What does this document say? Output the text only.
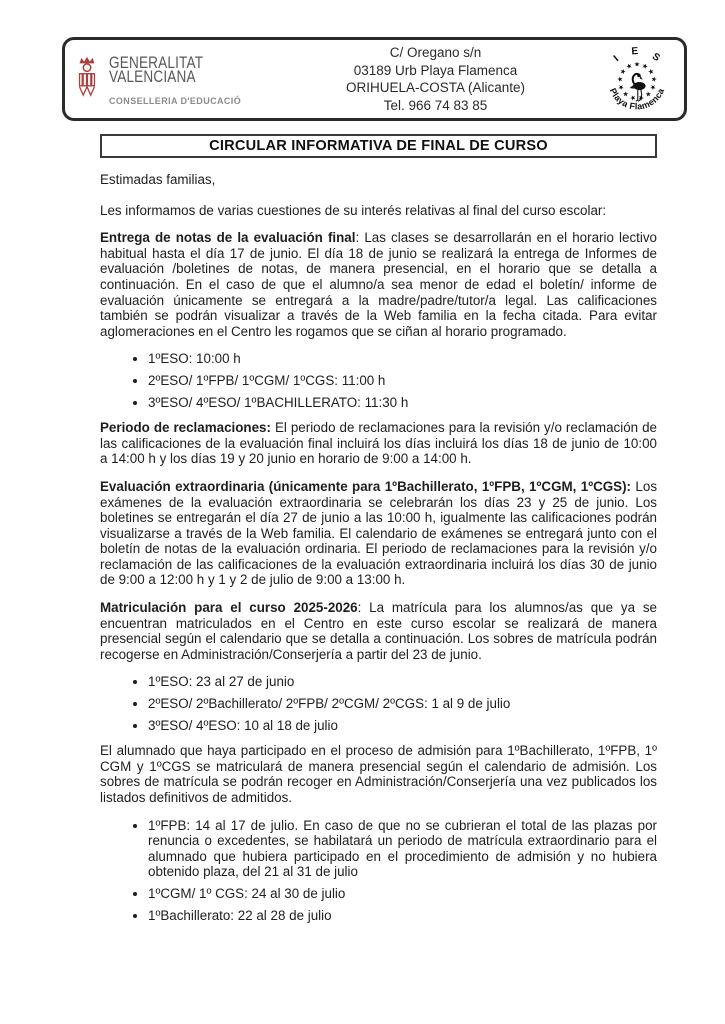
GENERALITAT
VALENCIANA
CONSELLERIA D'EDUCACIÓ
C/ Oregano s/n
03189 Urb Playa Flamenca
ORIHUELA-COSTA (Alicante)
Tel. 966 74 83 85
I E S
★ ★
★
★
★
★
★
★
★
★
★
★
★
Playa Flamenca
CIRCULAR INFORMATIVA DE FINAL DE CURSO

Estimadas familias,

Les informamos de varias cuestiones de su interés relativas al final del curso escolar:

Entrega de notas de la evaluación final: Las clases se desarrollarán en el horario lectivo habitual hasta el día 17 de junio. El día 18 de junio se realizará la entrega de Informes de evaluación /boletines de notas, de manera presencial, en el horario que se detalla a continuación. En el caso de que el alumno/a sea menor de edad el boletín/ informe de evaluación únicamente se entregará a la madre/padre/tutor/a legal. Las calificaciones también se podrán visualizar a través de la Web familia en la fecha citada. Para evitar aglomeraciones en el Centro les rogamos que se ciñan al horario programado.

• 1ºESO: 10:00 h
• 2ºESO/ 1ºFPB/ 1ºCGM/ 1ºCGS: 11:00 h
• 3ºESO/ 4ºESO/ 1ºBACHILLERATO: 11:30 h

Periodo de reclamaciones: El periodo de reclamaciones para la revisión y/o reclamación de las calificaciones de la evaluación final incluirá los días incluirá los días 18 de junio de 10:00 a 14:00 h y los días 19 y 20 junio en horario de 9:00 a 14:00 h.

Evaluación extraordinaria (únicamente para 1ºBachillerato, 1ºFPB, 1ºCGM, 1ºCGS): Los exámenes de la evaluación extraordinaria se celebrarán los días 23 y 25 de junio. Los boletines se entregarán el día 27 de junio a las 10:00 h, igualmente las calificaciones podrán visualizarse a través de la Web familia. El calendario de exámenes se entregará junto con el boletín de notas de la evaluación ordinaria. El periodo de reclamaciones para la revisión y/o reclamación de las calificaciones de la evaluación extraordinaria incluirá los días 30 de junio de 9:00 a 12:00 h y 1 y 2 de julio de 9:00 a 13:00 h.

Matriculación para el curso 2025-2026: La matrícula para los alumnos/as que ya se encuentran matriculados en el Centro en este curso escolar se realizará de manera presencial según el calendario que se detalla a continuación. Los sobres de matrícula podrán recogerse en Administración/Conserjería a partir del 23 de junio.

• 1ºESO: 23 al 27 de junio
• 2ºESO/ 2ºBachillerato/ 2ºFPB/ 2ºCGM/ 2ºCGS: 1 al 9 de julio
• 3ºESO/ 4ºESO: 10 al 18 de julio

El alumnado que haya participado en el proceso de admisión para 1ºBachillerato, 1ºFPB, 1º CGM y 1ºCGS se matriculará de manera presencial según el calendario de admisión. Los sobres de matrícula se podrán recoger en Administración/Conserjería una vez publicados los listados definitivos de admitidos.

• 1ºFPB: 14 al 17 de julio. En caso de que no se cubrieran el total de las plazas por renuncia o excedentes, se habilatará un periodo de matrícula extraordinario para el alumnado que hubiera participado en el procedimiento de admisión y no hubiera obtenido plaza, del 21 al 31 de julio
• 1ºCGM/ 1º CGS: 24 al 30 de julio
• 1ºBachillerato: 22 al 28 de julio
